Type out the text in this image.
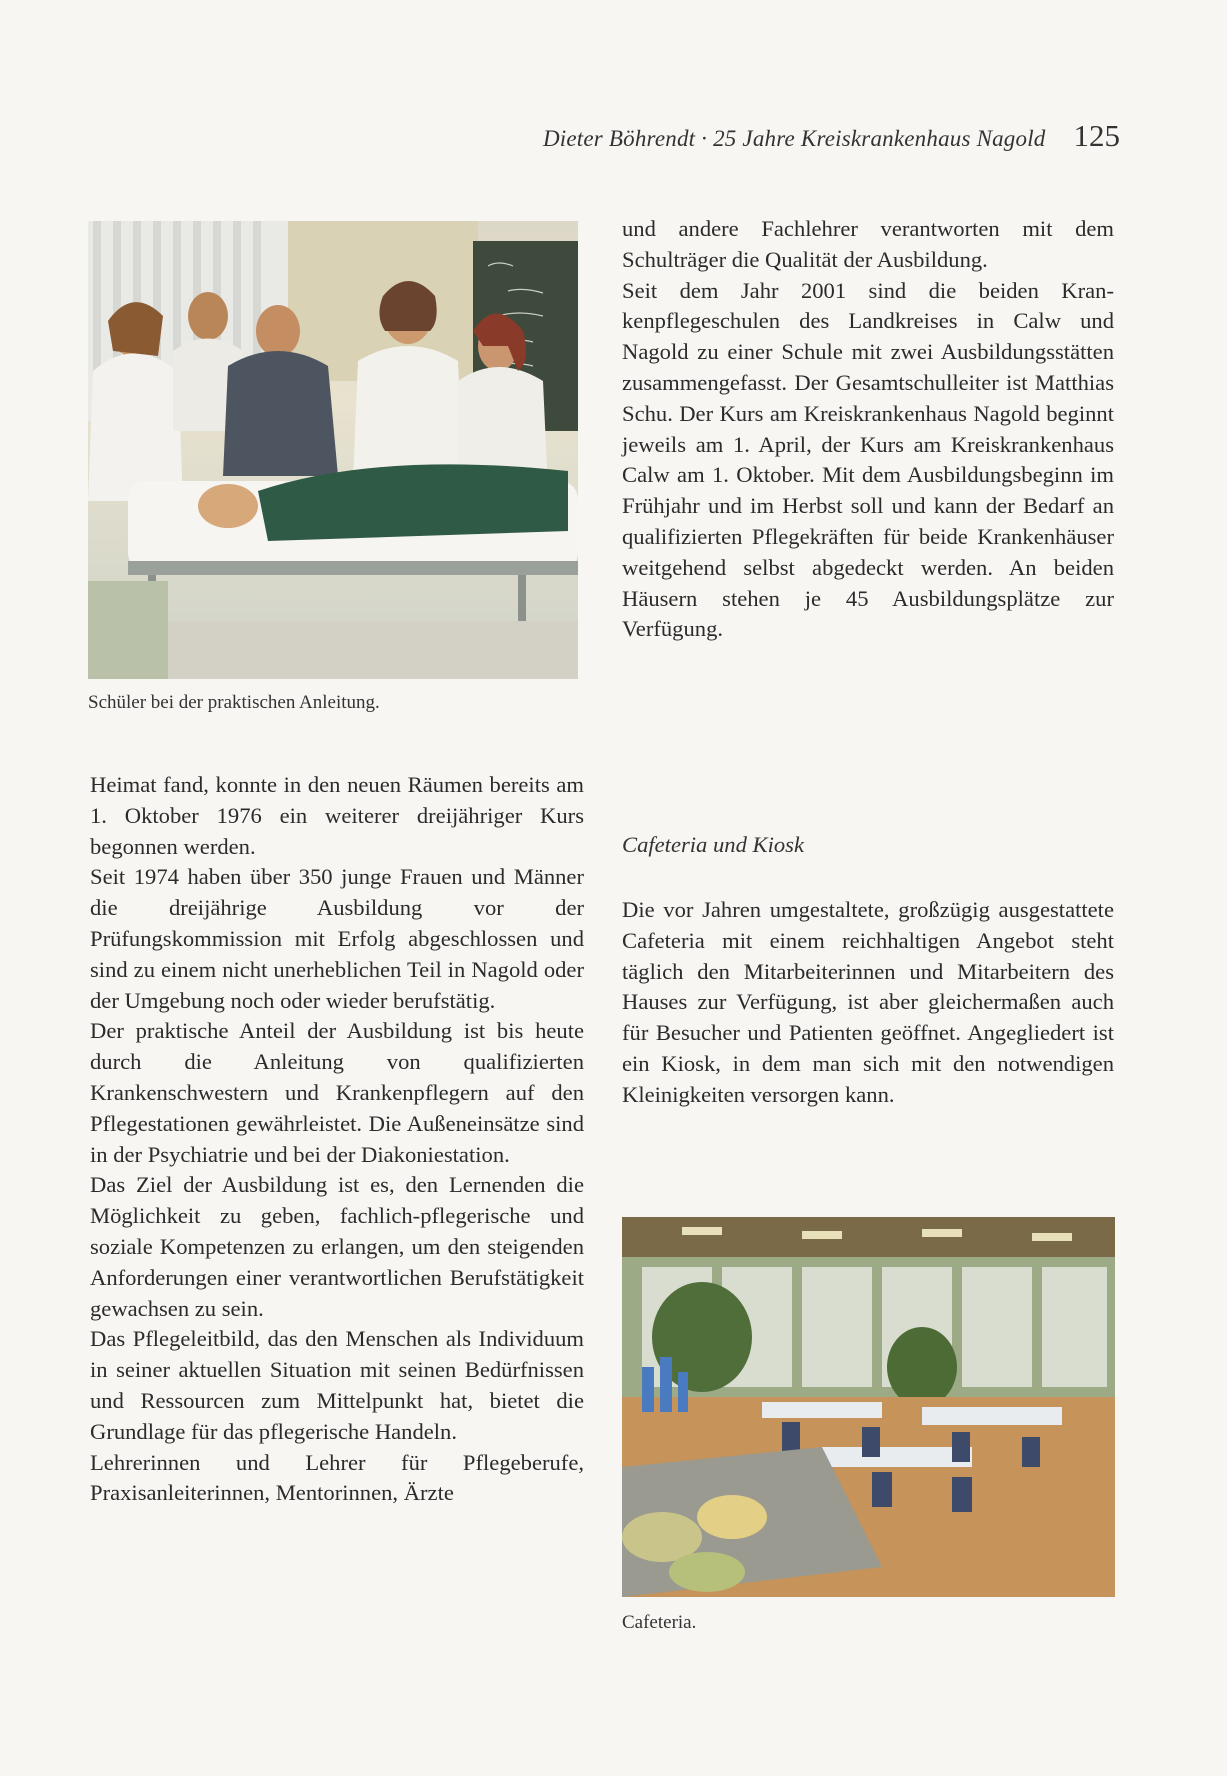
Dieter Böhrendt · 25 Jahre Kreiskrankenhaus Nagold 125
Schüler bei der praktischen Anleitung.

Heimat fand, konnte in den neuen Räumen bereits am 1. Oktober 1976 ein weiterer dreijähriger Kurs begonnen werden.

Seit 1974 haben über 350 junge Frauen und Männer die dreijährige Ausbildung vor der Prüfungskommission mit Erfolg abgeschlossen und sind zu einem nicht unerheblichen Teil in Nagold oder der Umgebung noch oder wieder berufstätig.

Der praktische Anteil der Ausbildung ist bis heute durch die Anleitung von qualifizierten Krankenschwestern und Krankenpflegern auf den Pflegestationen gewährleistet. Die Außeneinsätze sind in der Psychiatrie und bei der Diakoniestation.

Das Ziel der Ausbildung ist es, den Lernenden die Möglichkeit zu geben, fachlich-pflegerische und soziale Kompetenzen zu erlangen, um den steigenden Anforderungen einer verantwortlichen Berufstätigkeit gewachsen zu sein.

Das Pflegeleitbild, das den Menschen als Individuum in seiner aktuellen Situation mit seinen Bedürfnissen und Ressourcen zum Mittelpunkt hat, bietet die Grundlage für das pflegerische Handeln.

Lehrerinnen und Lehrer für Pflegeberufe, Praxisanleiterinnen, Mentorinnen, Ärzte

und andere Fachlehrer verantworten mit dem Schulträger die Qualität der Ausbildung.

Seit dem Jahr 2001 sind die beiden Krankenpflegeschulen des Landkreises in Calw und Nagold zu einer Schule mit zwei Ausbildungsstätten zusammengefasst. Der Gesamtschulleiter ist Matthias Schu. Der Kurs am Kreiskrankenhaus Nagold beginnt jeweils am 1. April, der Kurs am Kreiskrankenhaus Calw am 1. Oktober. Mit dem Ausbildungsbeginn im Frühjahr und im Herbst soll und kann der Bedarf an qualifizierten Pflegekräften für beide Krankenhäuser weitgehend selbst abgedeckt werden. An beiden Häusern stehen je 45 Ausbildungsplätze zur Verfügung.

Cafeteria und Kiosk

Die vor Jahren umgestaltete, großzügig ausgestattete Cafeteria mit einem reichhaltigen Angebot steht täglich den Mitarbeiterinnen und Mitarbeitern des Hauses zur Verfügung, ist aber gleichermaßen auch für Besucher und Patienten geöffnet. Angegliedert ist ein Kiosk, in dem man sich mit den notwendigen Kleinigkeiten versorgen kann.

Cafeteria.
